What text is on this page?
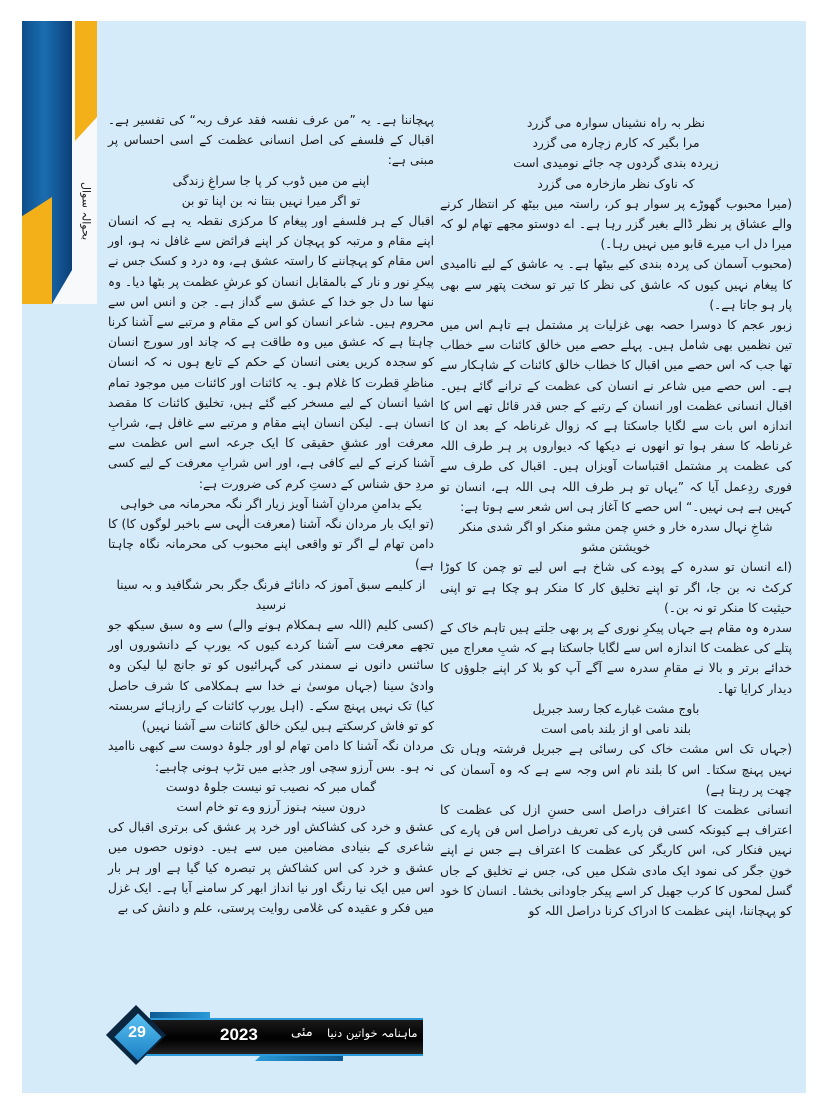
بحوالہ سوال

نظر بہ راہ نشیناں سوارہ می گزرد

مرا بگیر کہ کارم زچارہ می گزرد

زپردہ بندی گردوں چہ جائے نومیدی است

کہ ناوک نظر مازخارہ می گزرد

(میرا محبوب گھوڑے پر سوار ہو کر، راستہ میں بیٹھ کر انتظار کرنے والے عشاق پر نظر ڈالے بغیر گزر رہا ہے۔ اے دوستو مجھے تھام لو کہ میرا دل اب میرے قابو میں نہیں رہا۔)

(محبوب آسمان کی پردہ بندی کیے بیٹھا ہے۔ یہ عاشق کے لیے ناامیدی کا پیغام نہیں کیوں کہ عاشق کی نظر کا تیر تو سخت پتھر سے بھی پار ہو جاتا ہے۔)

زبور عجم کا دوسرا حصہ بھی غزلیات پر مشتمل ہے تاہم اس میں تین نظمیں بھی شامل ہیں۔ پہلے حصے میں خالق کائنات سے خطاب تھا جب کہ اس حصے میں اقبال کا خطاب خالق کائنات کے شاہکار سے ہے۔ اس حصے میں شاعر نے انسان کی عظمت کے ترانے گائے ہیں۔ اقبال انسانی عظمت اور انسان کے رتبے کے جس قدر قائل تھے اس کا اندازہ اس بات سے لگایا جاسکتا ہے کہ زوال غرناطہ کے بعد ان کا غرناطہ کا سفر ہوا تو انھوں نے دیکھا کہ دیواروں پر ہر طرف اللہ کی عظمت پر مشتمل اقتباسات آویزاں ہیں۔ اقبال کی طرف سے فوری ردِعمل آیا کہ ”یہاں تو ہر طرف اللہ ہی اللہ ہے، انسان تو کہیں ہے ہی نہیں۔“ اس حصے کا آغاز ہی اس شعر سے ہوتا ہے:

شاخِ نہال سدرہ خار و خسِ چمن مشو منکر او اگر شدی منکر خویشتن مشو

(اے انسان تو سدرہ کے پودے کی شاخ ہے اس لیے تو چمن کا کوڑا کرکٹ نہ بن جا، اگر تو اپنے تخلیق کار کا منکر ہو چکا ہے تو اپنی حیثیت کا منکر تو نہ بن۔)

سدرہ وہ مقام ہے جہاں پیکرِ نوری کے پر بھی جلتے ہیں تاہم خاک کے پتلے کی عظمت کا اندازہ اس سے لگایا جاسکتا ہے کہ شبِ معراج میں خدائے برتر و بالا نے مقامِ سدرہ سے آگے آپ کو بلا کر اپنے جلوؤں کا دیدار کرایا تھا۔

باوج مشت غبارے کجا رسد جبریل

بلند نامی او از بلند بامی است

(جہاں تک اس مشت خاک کی رسائی ہے جبریل فرشتہ وہاں تک نہیں پہنچ سکتا۔ اس کا بلند نام اس وجہ سے ہے کہ وہ آسمان کی چھت پر رہتا ہے)

انسانی عظمت کا اعتراف دراصل اسی حسنِ ازل کی عظمت کا اعتراف ہے کیونکہ کسی فن پارے کی تعریف دراصل اس فن پارے کی نہیں فنکار کی، اس کاریگر کی عظمت کا اعتراف ہے جس نے اپنے خونِ جگر کی نمود ایک مادی شکل میں کی، جس نے تخلیق کے جاں گسل لمحوں کا کرب جھیل کر اسے پیکر جاودانی بخشا۔ انسان کا خود کو پہچاننا، اپنی عظمت کا ادراک کرنا دراصل اللہ کو

پہچاننا ہے۔ یہ ”من عرف نفسہ فقد عرف ربہ“ کی تفسیر ہے۔ اقبال کے فلسفے کی اصل انسانی عظمت کے اسی احساس پر مبنی ہے:

اپنے من میں ڈوب کر پا جا سراغِ زندگی

تو اگر میرا نہیں بنتا نہ بن اپنا تو بن

اقبال کے ہر فلسفے اور پیغام کا مرکزی نقطہ یہ ہے کہ انسان اپنے مقام و مرتبہ کو پہچان کر اپنے فرائض سے غافل نہ ہو، اور اس مقام کو پہچاننے کا راستہ عشق ہے، وہ درد و کسک جس نے پیکرِ نور و نار کے بالمقابل انسان کو عرشِ عظمت پر بٹھا دیا۔ وہ ننھا سا دل جو خدا کے عشق سے گداز ہے۔ جن و انس اس سے محروم ہیں۔ شاعر انسان کو اس کے مقام و مرتبے سے آشنا کرنا چاہتا ہے کہ عشق میں وہ طاقت ہے کہ چاند اور سورج انسان کو سجدہ کریں یعنی انسان کے حکم کے تابع ہوں نہ کہ انسان مناظرِ قطرت کا غلام ہو۔ یہ کائنات اور کائنات میں موجود تمام اشیا انسان کے لیے مسخر کیے گئے ہیں، تخلیق کائنات کا مقصد انسان ہے۔ لیکن انسان اپنے مقام و مرتبے سے غافل ہے، شرابِ معرفت اور عشقِ حقیقی کا ایک جرعہ اسے اس عظمت سے آشنا کرنے کے لیے کافی ہے، اور اس شرابِ معرفت کے لیے کسی مردِ حق شناس کے دستِ کرم کی ضرورت ہے:

یکے بدامنِ مردانِ آشنا آویز زیار اگر نگہ محرمانہ می خواہی

(تو ایک بار مردان نگہ آشنا (معرفت الٰہی سے باخبر لوگوں کا) کا دامن تھام لے اگر تو واقعی اپنے محبوب کی محرمانہ نگاہ چاہتا ہے)

از کلیمے سبق آموز کہ دانائے فرنگ جگر بحر شگافید و بہ سینا نرسید

(کسی کلیم (اللہ سے ہمکلام ہونے والے) سے وہ سبق سیکھ جو تجھے معرفت سے آشنا کردے کیوں کہ یورپ کے دانشوروں اور سائنس دانوں نے سمندر کی گہرائیوں کو تو جانچ لیا لیکن وہ وادیٔ سینا (جہاں موسیٰ نے خدا سے ہمکلامی کا شرف حاصل کیا) تک نہیں پہنچ سکے۔ (اہل یورپ کائنات کے رازہائے سربستہ کو تو فاش کرسکتے ہیں لیکن خالق کائنات سے آشنا نہیں)

مردان نگہ آشنا کا دامن تھام لو اور جلوۂ دوست سے کبھی ناامید نہ ہو۔ بس آرزو سچی اور جذبے میں تڑپ ہونی چاہیے:

گماں مبر کہ نصیب تو نیست جلوۂ دوست

درون سینہ ہنوز آرزو وے تو خام است

عشق و خرد کی کشاکش اور خرد پر عشق کی برتری اقبال کی شاعری کے بنیادی مضامین میں سے ہیں۔ دونوں حصوں میں عشق و خرد کی اس کشاکش پر تبصرہ کیا گیا ہے اور ہر بار اس میں ایک نیا رنگ اور نیا انداز ابھر کر سامنے آیا ہے۔ ایک غزل میں فکر و عقیدہ کی غلامی روایت پرستی، علم و دانش کی بے

29	2023	مئی ماہنامہ خواتین دنیا
